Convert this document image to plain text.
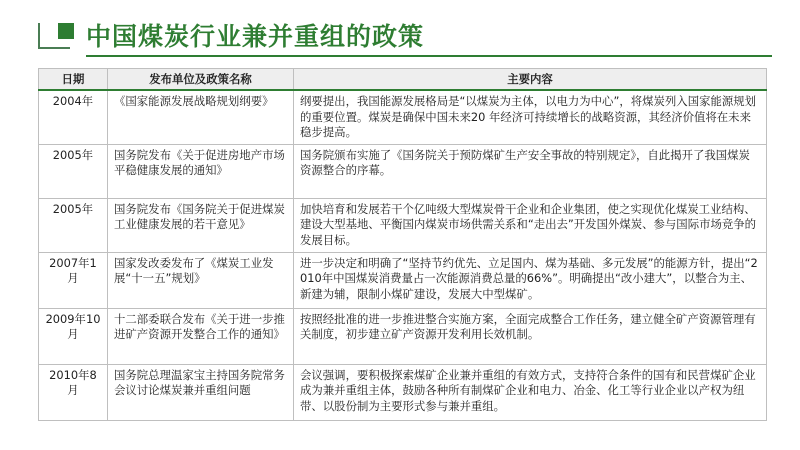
中国煤炭行业兼并重组的政策
日期	发布单位及政策名称	主要内容
2004年	《国家能源发展战略规划纲要》	纲要提出，我国能源发展格局是“以煤炭为主体，以电力为中心”，将煤炭列入国家能源规划的重要位置。煤炭是确保中国未来20 年经济可持续增长的战略资源，其经济价值将在未来稳步提高。
2005年	国务院发布《关于促进房地产市场平稳健康发展的通知》	国务院颁布实施了《国务院关于预防煤矿生产安全事故的特别规定》，自此揭开了我国煤炭资源整合的序幕。
2005年	国务院发布《国务院关于促进煤炭工业健康发展的若干意见》	加快培育和发展若干个亿吨级大型煤炭骨干企业和企业集团，使之实现优化煤炭工业结构、建设大型基地、平衡国内煤炭市场供需关系和“走出去”开发国外煤炭、参与国际市场竞争的发展目标。
2007年1月	国家发改委发布了《煤炭工业发展“十一五”规划》	进一步决定和明确了“坚持节约优先、立足国内、煤为基础、多元发展”的能源方针，提出“2010年中国煤炭消费量占一次能源消费总量的66%”。明确提出“改小建大”，以整合为主、新建为辅，限制小煤矿建设，发展大中型煤矿。
2009年10月	十二部委联合发布《关于进一步推进矿产资源开发整合工作的通知》	按照经批准的进一步推进整合实施方案，全面完成整合工作任务，建立健全矿产资源管理有关制度，初步建立矿产资源开发利用长效机制。
2010年8月	国务院总理温家宝主持国务院常务会议讨论煤炭兼并重组问题	会议强调，要积极探索煤矿企业兼并重组的有效方式，支持符合条件的国有和民营煤矿企业成为兼并重组主体，鼓励各种所有制煤矿企业和电力、冶金、化工等行业企业以产权为纽带、以股份制为主要形式参与兼并重组。
